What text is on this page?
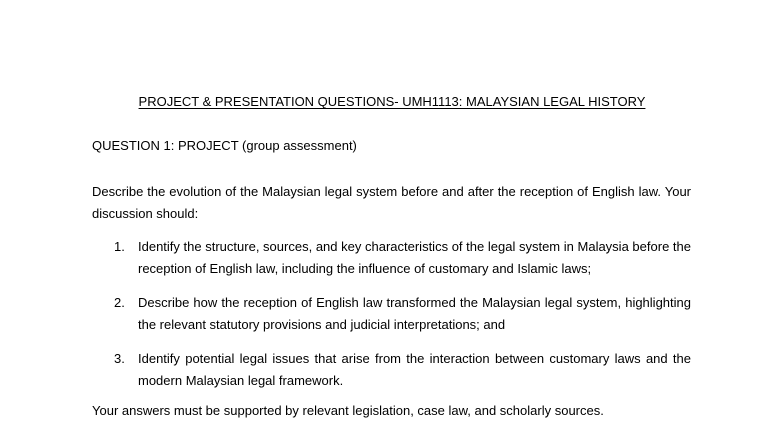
PROJECT & PRESENTATION QUESTIONS- UMH1113: MALAYSIAN LEGAL HISTORY
QUESTION 1: PROJECT (group assessment)
Describe the evolution of the Malaysian legal system before and after the reception of English law. Your discussion should:
1. Identify the structure, sources, and key characteristics of the legal system in Malaysia before the reception of English law, including the influence of customary and Islamic laws;
2. Describe how the reception of English law transformed the Malaysian legal system, highlighting the relevant statutory provisions and judicial interpretations; and
3. Identify potential legal issues that arise from the interaction between customary laws and the modern Malaysian legal framework.
Your answers must be supported by relevant legislation, case law, and scholarly sources.
